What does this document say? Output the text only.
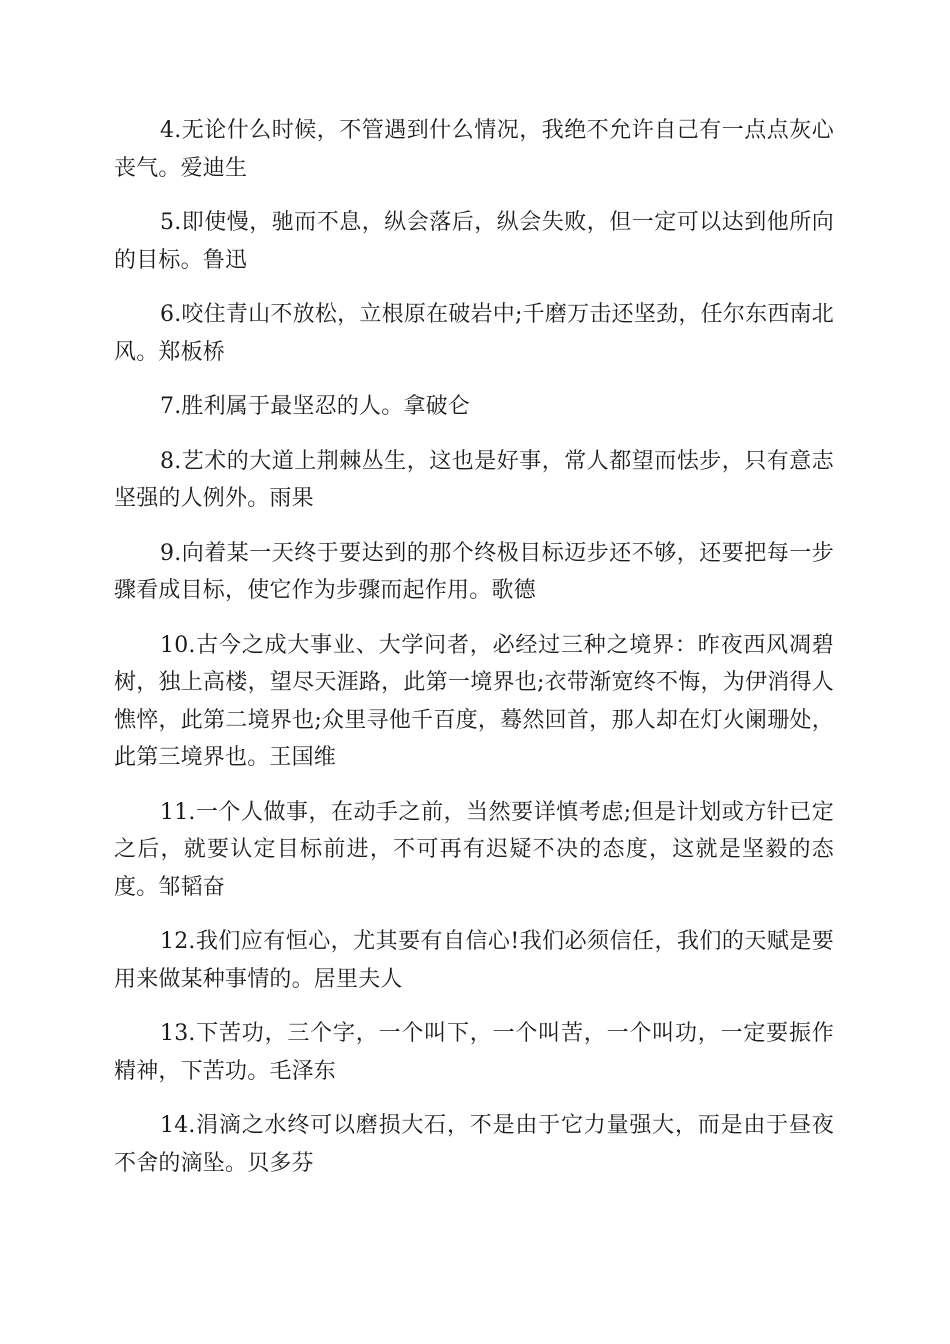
4.无论什么时候，不管遇到什么情况，我绝不允许自己有一点点灰心丧气。爱迪生

5.即使慢，驰而不息，纵会落后，纵会失败，但一定可以达到他所向的目标。鲁迅

6.咬住青山不放松，立根原在破岩中;千磨万击还坚劲，任尔东西南北风。郑板桥

7.胜利属于最坚忍的人。拿破仑

8.艺术的大道上荆棘丛生，这也是好事，常人都望而怯步，只有意志坚强的人例外。雨果

9.向着某一天终于要达到的那个终极目标迈步还不够，还要把每一步骤看成目标，使它作为步骤而起作用。歌德

10.古今之成大事业、大学问者，必经过三种之境界：昨夜西风凋碧树，独上高楼，望尽天涯路，此第一境界也;衣带渐宽终不悔，为伊消得人憔悴，此第二境界也;众里寻他千百度，蓦然回首，那人却在灯火阑珊处，此第三境界也。王国维

11.一个人做事，在动手之前，当然要详慎考虑;但是计划或方针已定之后，就要认定目标前进，不可再有迟疑不决的态度，这就是坚毅的态度。邹韬奋

12.我们应有恒心，尤其要有自信心!我们必须信任，我们的天赋是要用来做某种事情的。居里夫人

13.下苦功，三个字，一个叫下，一个叫苦，一个叫功，一定要振作精神，下苦功。毛泽东

14.涓滴之水终可以磨损大石，不是由于它力量强大，而是由于昼夜不舍的滴坠。贝多芬
